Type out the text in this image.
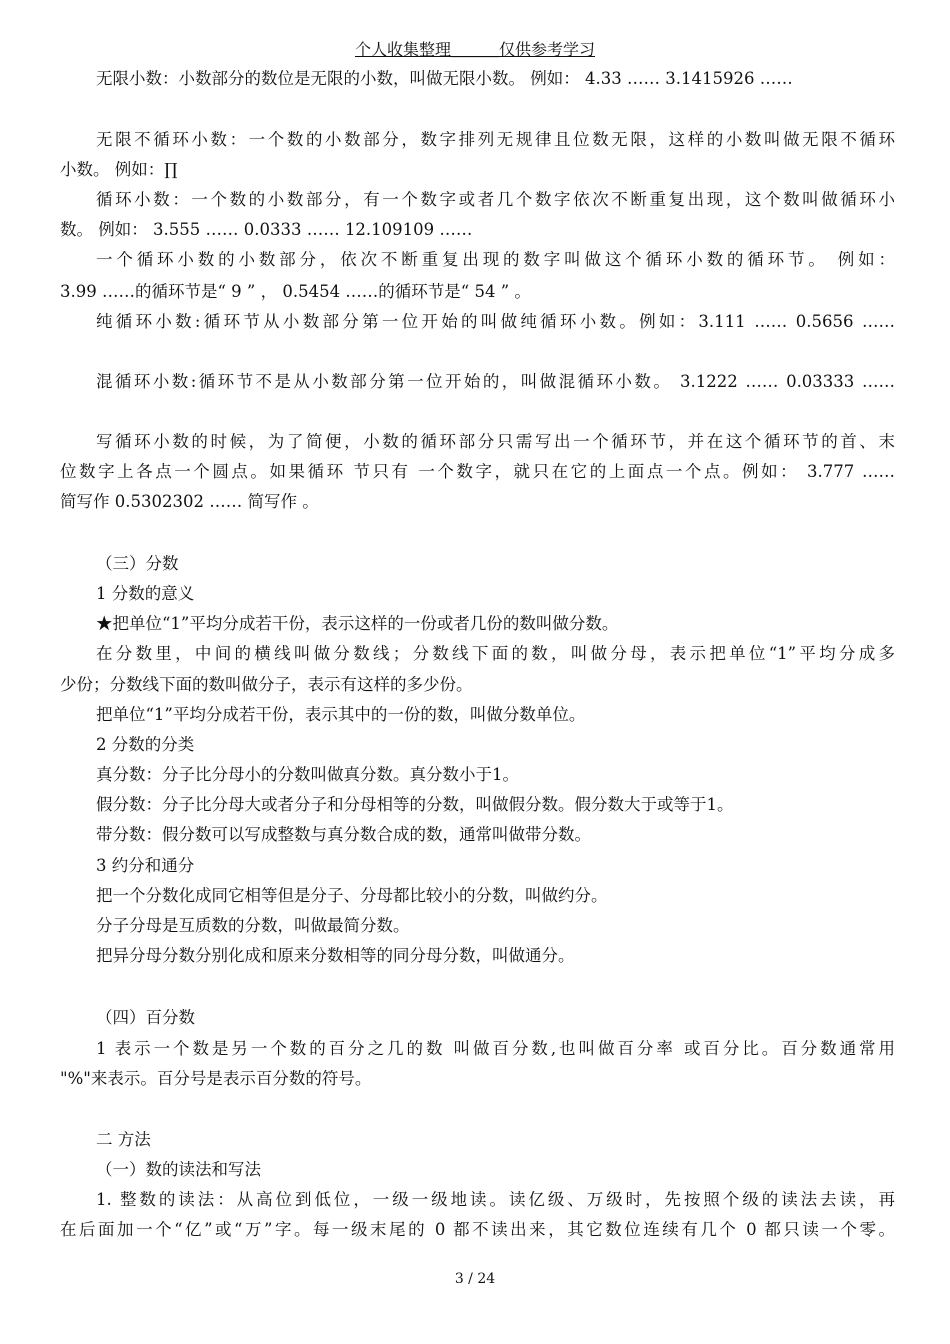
个人收集整理＿＿＿仅供参考学习
无限小数：小数部分的数位是无限的小数，叫做无限小数。 例如： 4.33 …… 3.1415926 ……
无限不循环小数：一个数的小数部分，数字排列无规律且位数无限，这样的小数叫做无限不循环
小数。 例如：∏
循环小数：一个数的小数部分，有一个数字或者几个数字依次不断重复出现，这个数叫做循环小
数。 例如： 3.555 …… 0.0333 …… 12.109109 ……
一个循环小数的小数部分，依次不断重复出现的数字叫做这个循环小数的循环节。 例如：
3.99 ……的循环节是“ 9 ” ， 0.5454 ……的循环节是“ 54 ” 。
纯循环小数:循环节从小数部分第一位开始的叫做纯循环小数。例如：3.111 …… 0.5656 ……
混循环小数:循环节不是从小数部分第一位开始的，叫做混循环小数。 3.1222 …… 0.03333 ……
写循环小数的时候，为了简便，小数的循环部分只需写出一个循环节，并在这个循环节的首、末
位数字上各点一个圆点。如果循环 节只有 一个数字，就只在它的上面点一个点。例如： 3.777 ……
简写作 0.5302302 …… 简写作 。
（三）分数
1 分数的意义
★把单位“1”平均分成若干份，表示这样的一份或者几份的数叫做分数。
在分数里，中间的横线叫做分数线；分数线下面的数，叫做分母，表示把单位“1”平均分成多
少份；分数线下面的数叫做分子，表示有这样的多少份。
把单位“1”平均分成若干份，表示其中的一份的数，叫做分数单位。
2 分数的分类
真分数：分子比分母小的分数叫做真分数。真分数小于1。
假分数：分子比分母大或者分子和分母相等的分数，叫做假分数。假分数大于或等于1。
带分数：假分数可以写成整数与真分数合成的数，通常叫做带分数。
3 约分和通分
把一个分数化成同它相等但是分子、分母都比较小的分数，叫做约分。
分子分母是互质数的分数，叫做最简分数。
把异分母分数分别化成和原来分数相等的同分母分数，叫做通分。
（四）百分数
1 表示一个数是另一个数的百分之几的数 叫做百分数,也叫做百分率 或百分比。百分数通常用
"%"来表示。百分号是表示百分数的符号。
二 方法
（一）数的读法和写法
1. 整数的读法：从高位到低位，一级一级地读。读亿级、万级时，先按照个级的读法去读，再
在后面加一个“亿”或“万”字。每一级末尾的 0 都不读出来，其它数位连续有几个 0 都只读一个零。
3 / 24
